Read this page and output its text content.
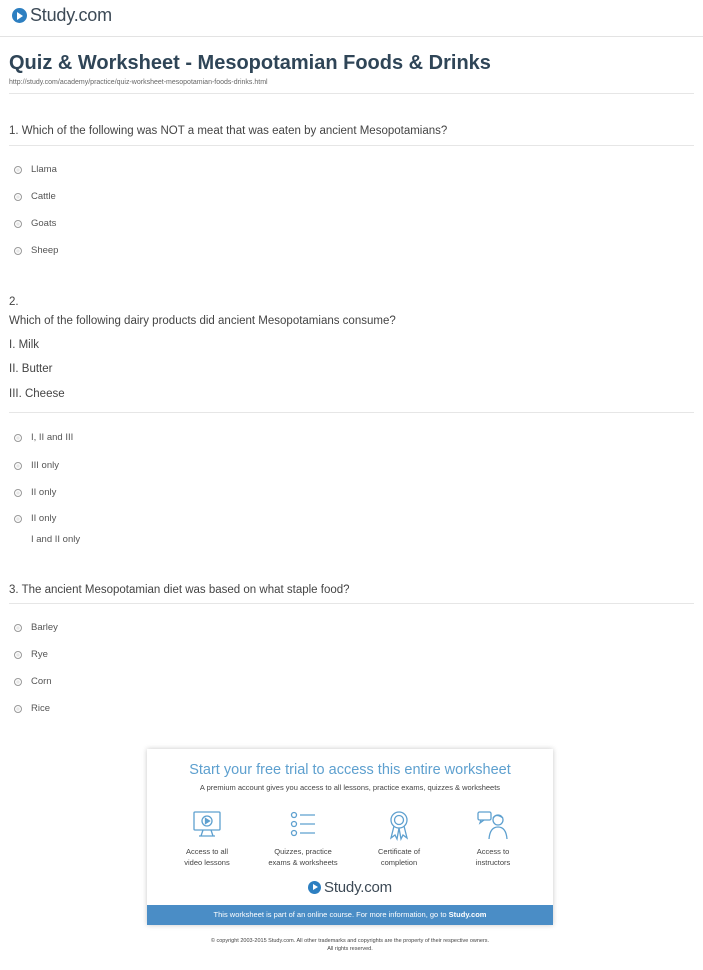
Study.com
Quiz & Worksheet - Mesopotamian Foods & Drinks
http://study.com/academy/practice/quiz-worksheet-mesopotamian-foods-drinks.html
1. Which of the following was NOT a meat that was eaten by ancient Mesopotamians?
Llama
Cattle
Goats
Sheep
2.
Which of the following dairy products did ancient Mesopotamians consume?
I. Milk
II. Butter
III. Cheese
I, II and III
III only
II only
II only
I and II only
3. The ancient Mesopotamian diet was based on what staple food?
Barley
Rye
Corn
Rice
Start your free trial to access this entire worksheet
A premium account gives you access to all lessons, practice exams, quizzes & worksheets
Access to all
video lessons
Quizzes, practice
exams & worksheets
Certificate of
completion
Access to
instructors
Study.com
This worksheet is part of an online course. For more information, go to Study.com
© copyright 2003-2015 Study.com. All other trademarks and copyrights are the property of their respective owners.
All rights reserved.
